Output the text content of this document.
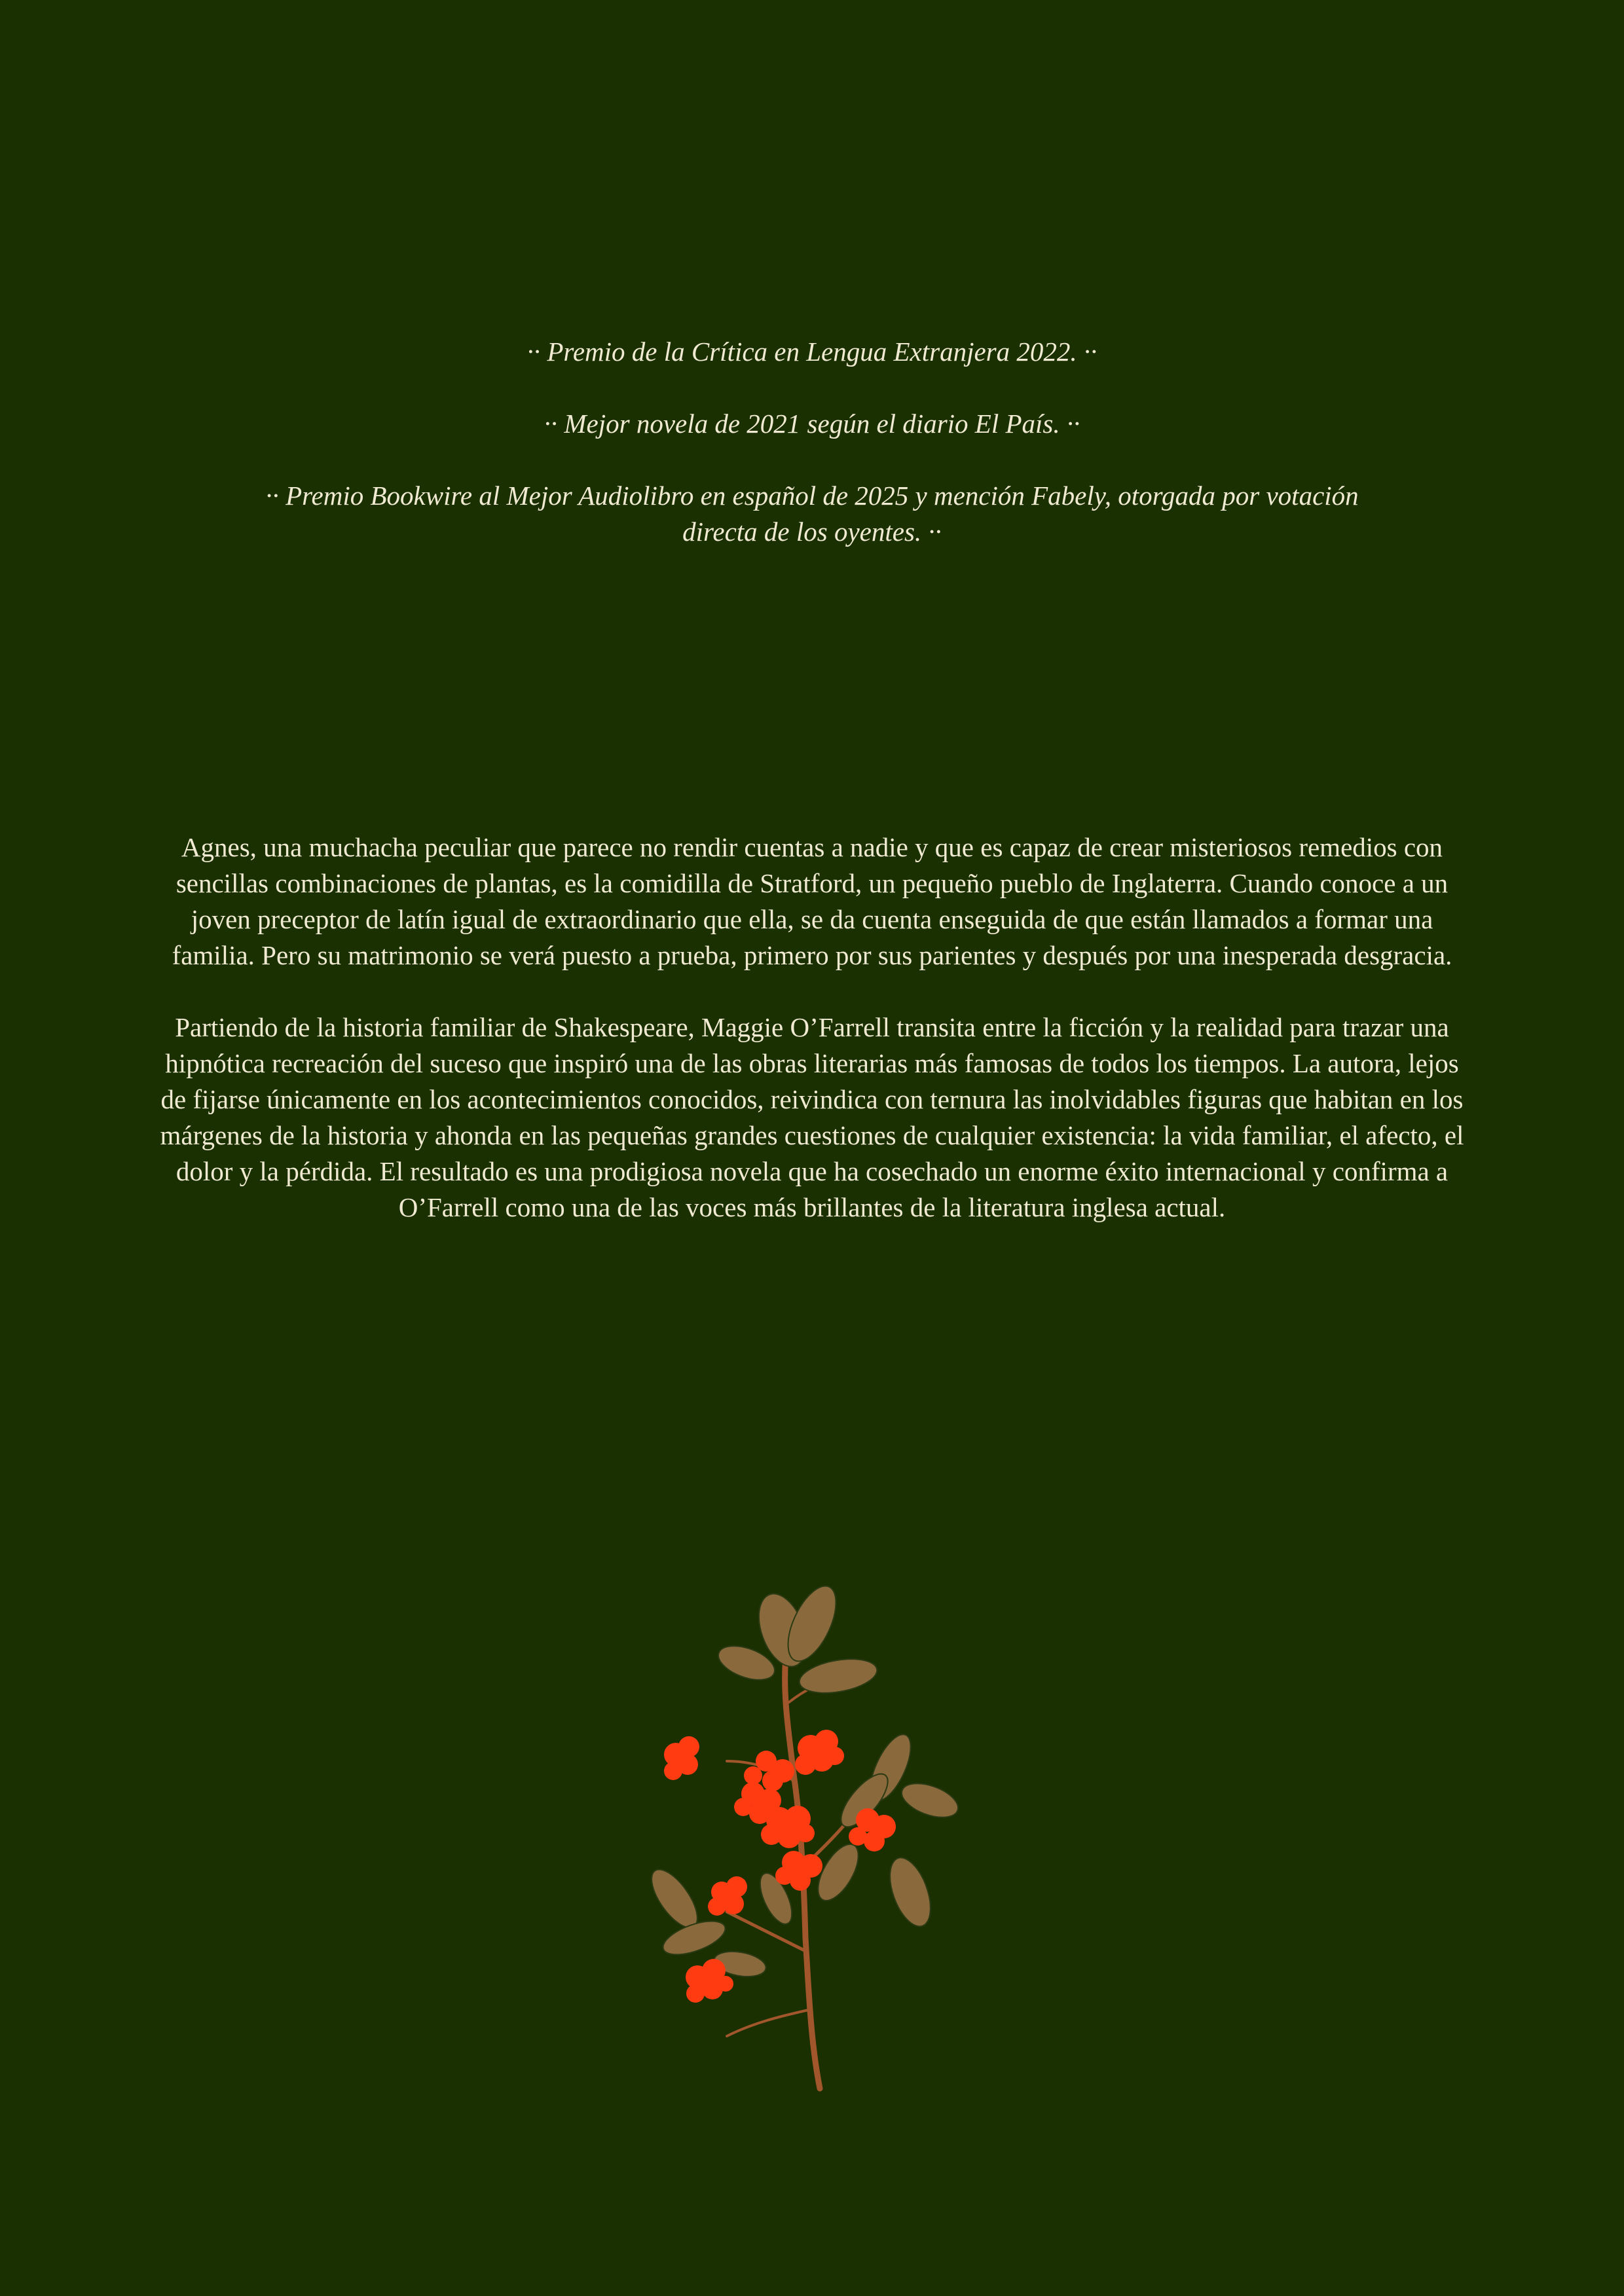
·· Premio de la Crítica en Lengua Extranjera 2022. ··

·· Mejor novela de 2021 según el diario El País. ··

·· Premio Bookwire al Mejor Audiolibro en español de 2025 y mención Fabely, otorgada por votación directa de los oyentes. ··

Agnes, una muchacha peculiar que parece no rendir cuentas a nadie y que es capaz de crear misteriosos remedios con sencillas combinaciones de plantas, es la comidilla de Stratford, un pequeño pueblo de Inglaterra. Cuando conoce a un joven preceptor de latín igual de extraordinario que ella, se da cuenta enseguida de que están llamados a formar una familia. Pero su matrimonio se verá puesto a prueba, primero por sus parientes y después por una inesperada desgracia.

Partiendo de la historia familiar de Shakespeare, Maggie O’Farrell transita entre la ficción y la realidad para trazar una hipnótica recreación del suceso que inspiró una de las obras literarias más famosas de todos los tiempos. La autora, lejos de fijarse únicamente en los acontecimientos conocidos, reivindica con ternura las inolvidables figuras que habitan en los márgenes de la historia y ahonda en las pequeñas grandes cuestiones de cualquier existencia: la vida familiar, el afecto, el dolor y la pérdida. El resultado es una prodigiosa novela que ha cosechado un enorme éxito internacional y confirma a O’Farrell como una de las voces más brillantes de la literatura inglesa actual.
